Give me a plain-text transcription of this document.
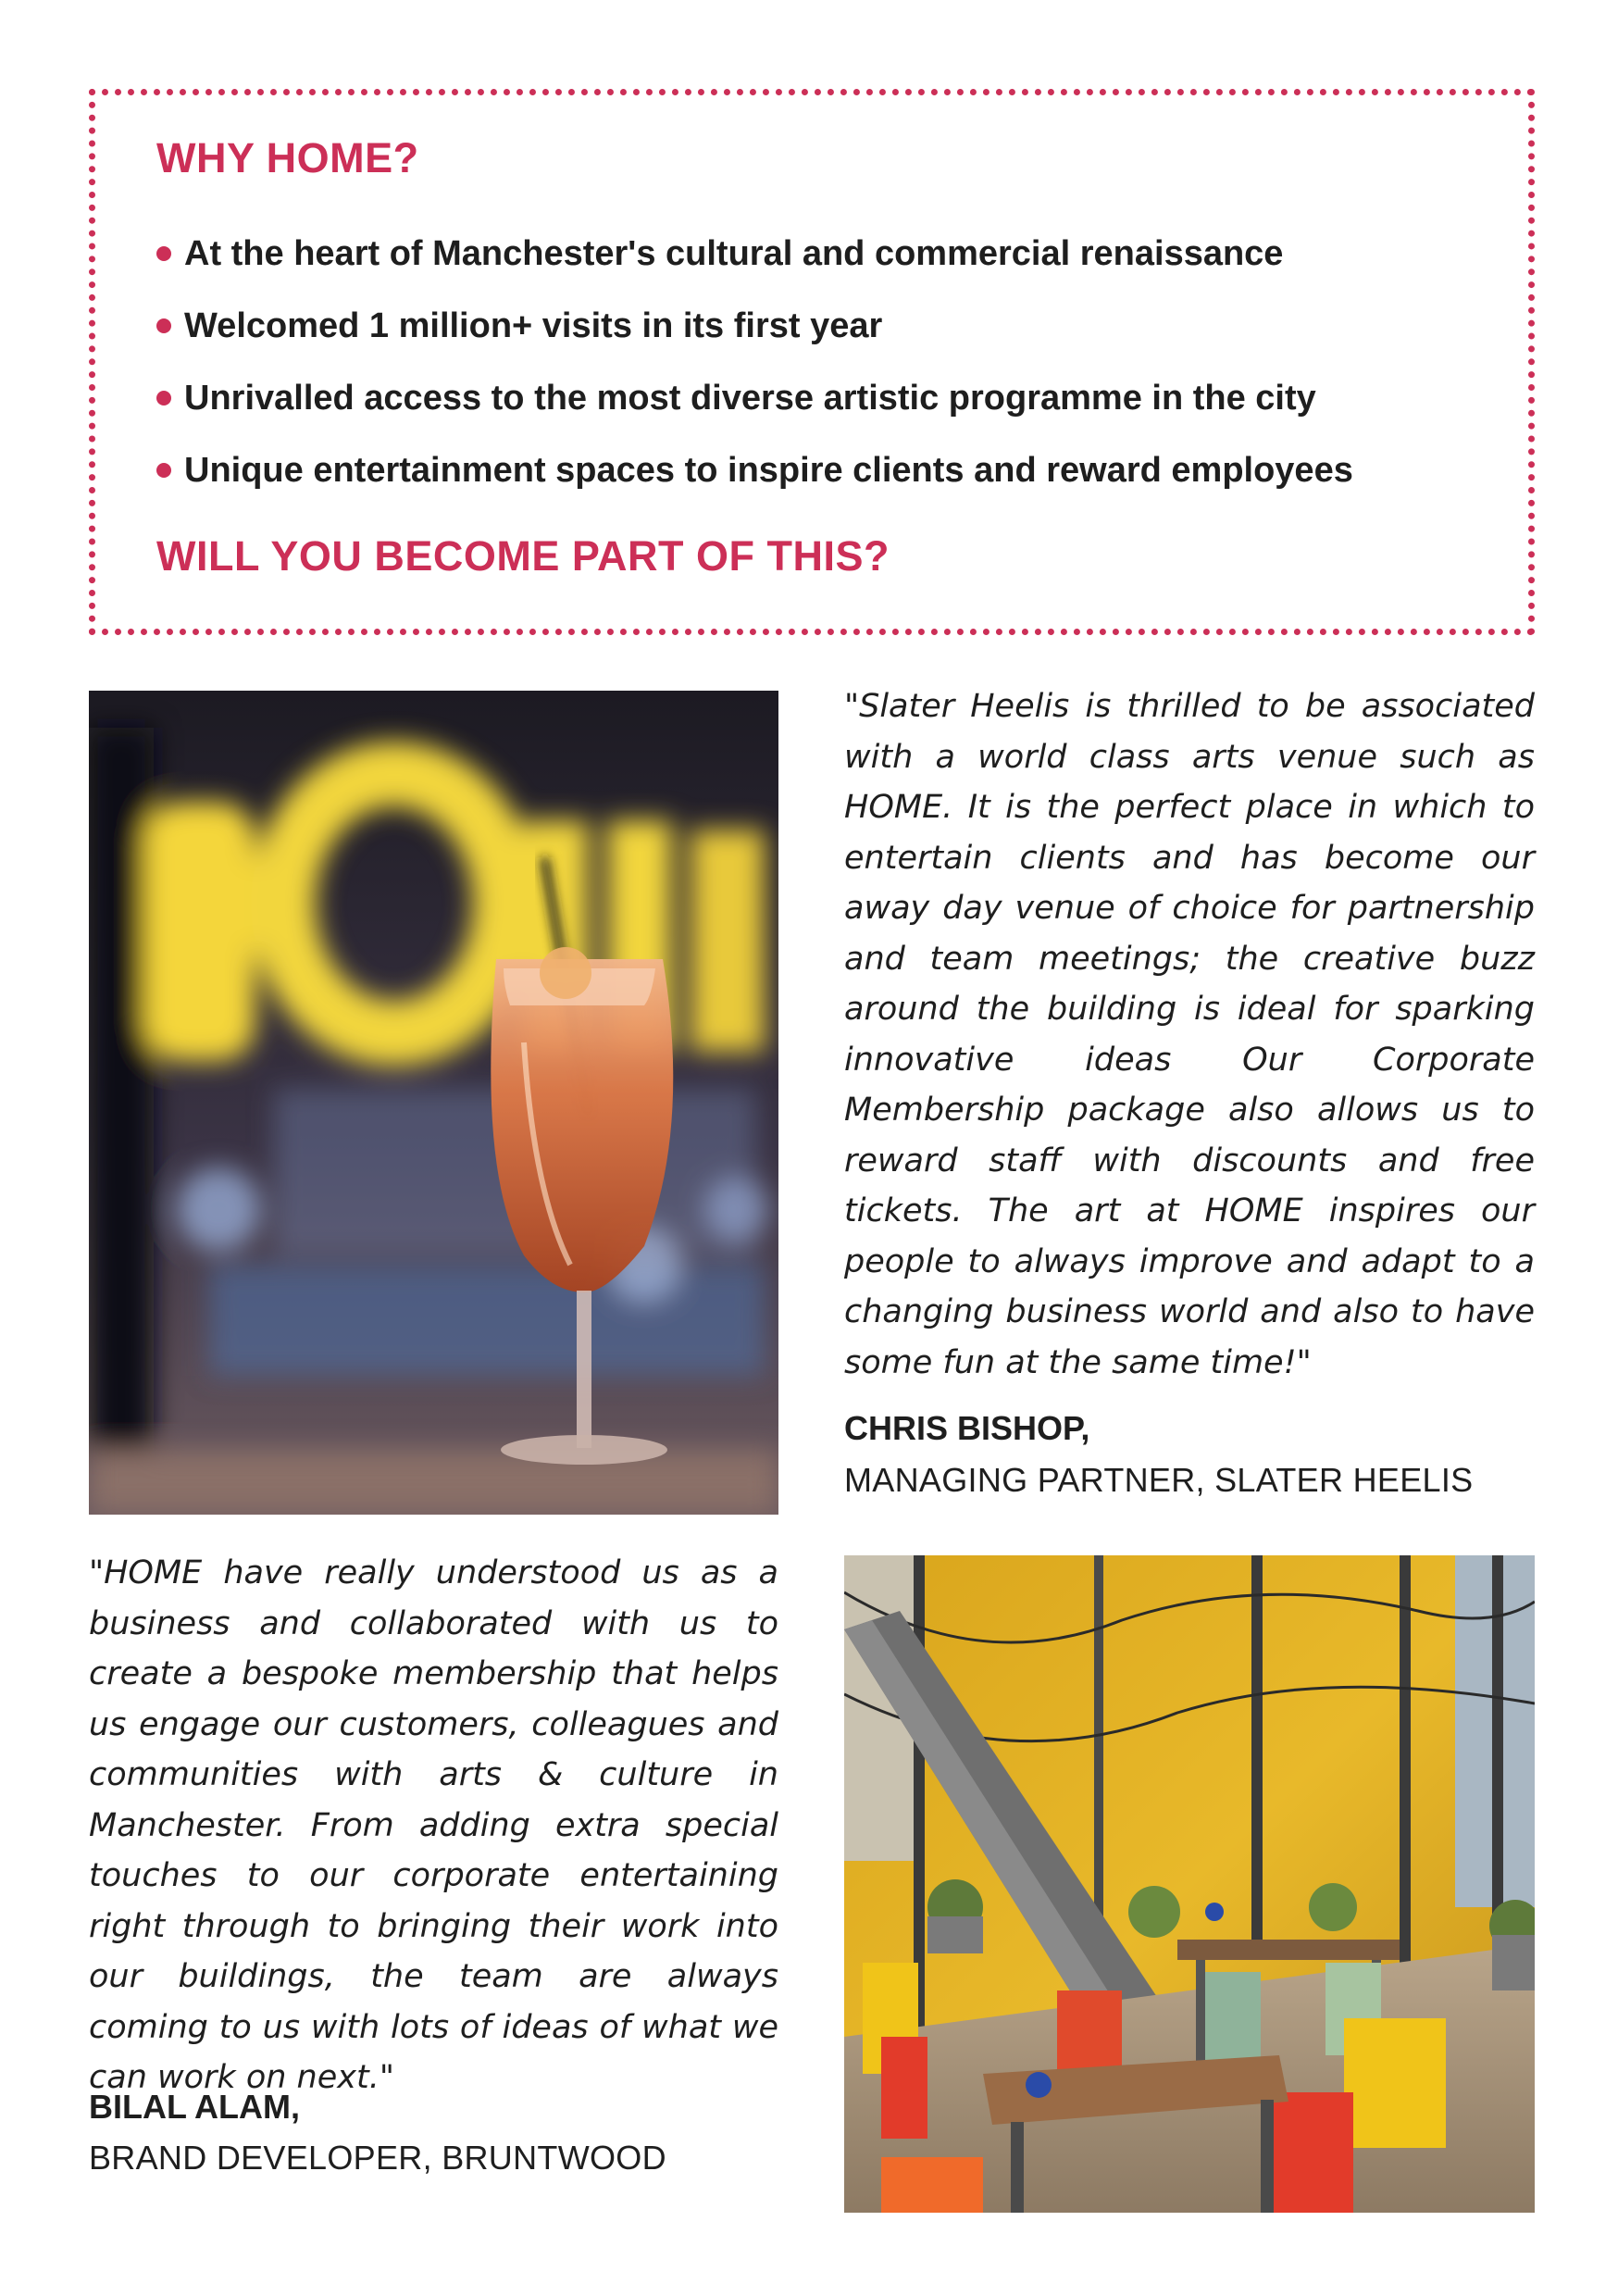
WHY HOME?
At the heart of Manchester's cultural and commercial renaissance
Welcomed 1 million+ visits in its first year
Unrivalled access to the most diverse artistic programme in the city
Unique entertainment spaces to inspire clients and reward employees
WILL YOU BECOME PART OF THIS?
"Slater Heelis is thrilled to be associated with a world class arts venue such as HOME. It is the perfect place in which to entertain clients and has become our away day venue of choice for partnership and team meetings; the creative buzz around the building is ideal for sparking innovative ideas Our Corporate Membership package also allows us to reward staff with discounts and free tickets. The art at HOME inspires our people to always improve and adapt to a changing business world and also to have some fun at the same time!"
CHRIS BISHOP,
MANAGING PARTNER, SLATER HEELIS
"HOME have really understood us as a business and collaborated with us to create a bespoke membership that helps us engage our customers, colleagues and communities with arts & culture in Manchester. From adding extra special touches to our corporate entertaining right through to bringing their work into our buildings, the team are always coming to us with lots of ideas of what we can work on next."
BILAL ALAM,
BRAND DEVELOPER, BRUNTWOOD
